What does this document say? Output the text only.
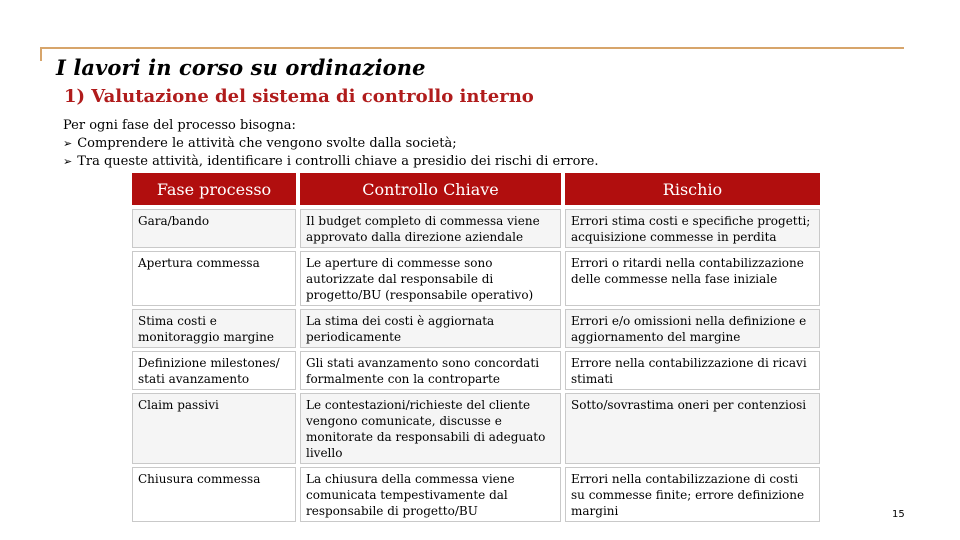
I lavori in corso su ordinazione
1) Valutazione del sistema di controllo interno
Per ogni fase del processo bisogna:
➢ Comprendere le attività che vengono svolte dalla società;
➢ Tra queste attività, identificare i controlli chiave a presidio dei rischi di errore.
Fase processo	Controllo Chiave	Rischio
Gara/bando	Il budget completo di commessa viene approvato dalla direzione aziendale	Errori stima costi e specifiche progetti; acquisizione commesse in perdita
Apertura commessa	Le aperture di commesse sono autorizzate dal responsabile di progetto/BU (responsabile operativo)	Errori o ritardi nella contabilizzazione delle commesse nella fase iniziale
Stima costi e monitoraggio margine	La stima dei costi è aggiornata periodicamente	Errori e/o omissioni nella definizione e aggiornamento del margine
Definizione milestones/ stati avanzamento	Gli stati avanzamento sono concordati formalmente con la controparte	Errore nella contabilizzazione di ricavi stimati
Claim passivi	Le contestazioni/richieste del cliente vengono comunicate, discusse e monitorate da responsabili di adeguato livello	Sotto/sovrastima oneri per contenziosi
Chiusura commessa	La chiusura della commessa viene comunicata tempestivamente dal responsabile di progetto/BU	Errori nella contabilizzazione di costi su commesse finite; errore definizione margini	15
